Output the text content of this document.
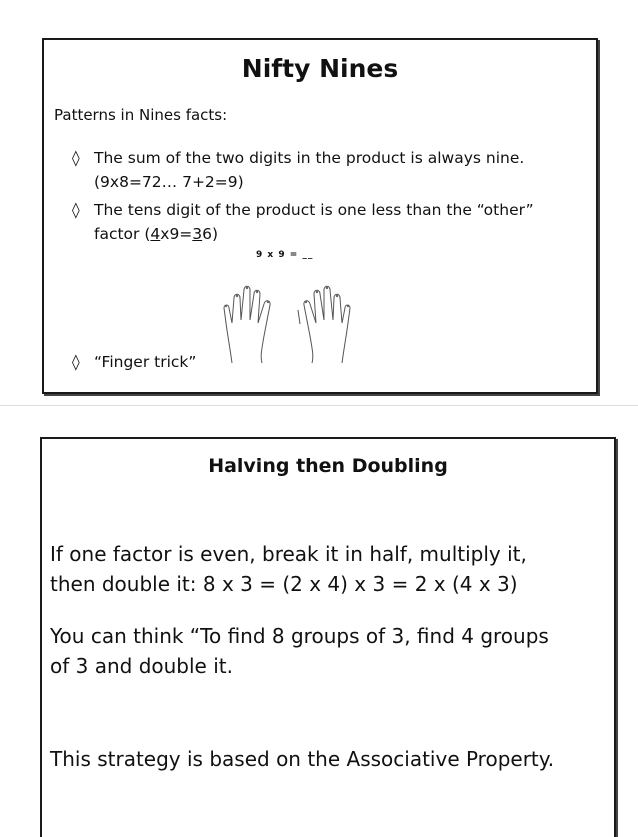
Nifty Nines
Patterns in Nines facts:
◊ The sum of the two digits in the product is always nine.
(9x8=72… 7+2=9)
◊ The tens digit of the product is one less than the “other”
factor (4x9=36)
9 x 9 = __
◊ “Finger trick”
Halving then Doubling
If one factor is even, break it in half, multiply it,
then double it: 8 x 3 = (2 x 4) x 3 = 2 x (4 x 3)
You can think “To find 8 groups of 3, find 4 groups
of 3 and double it.
This strategy is based on the Associative Property.
